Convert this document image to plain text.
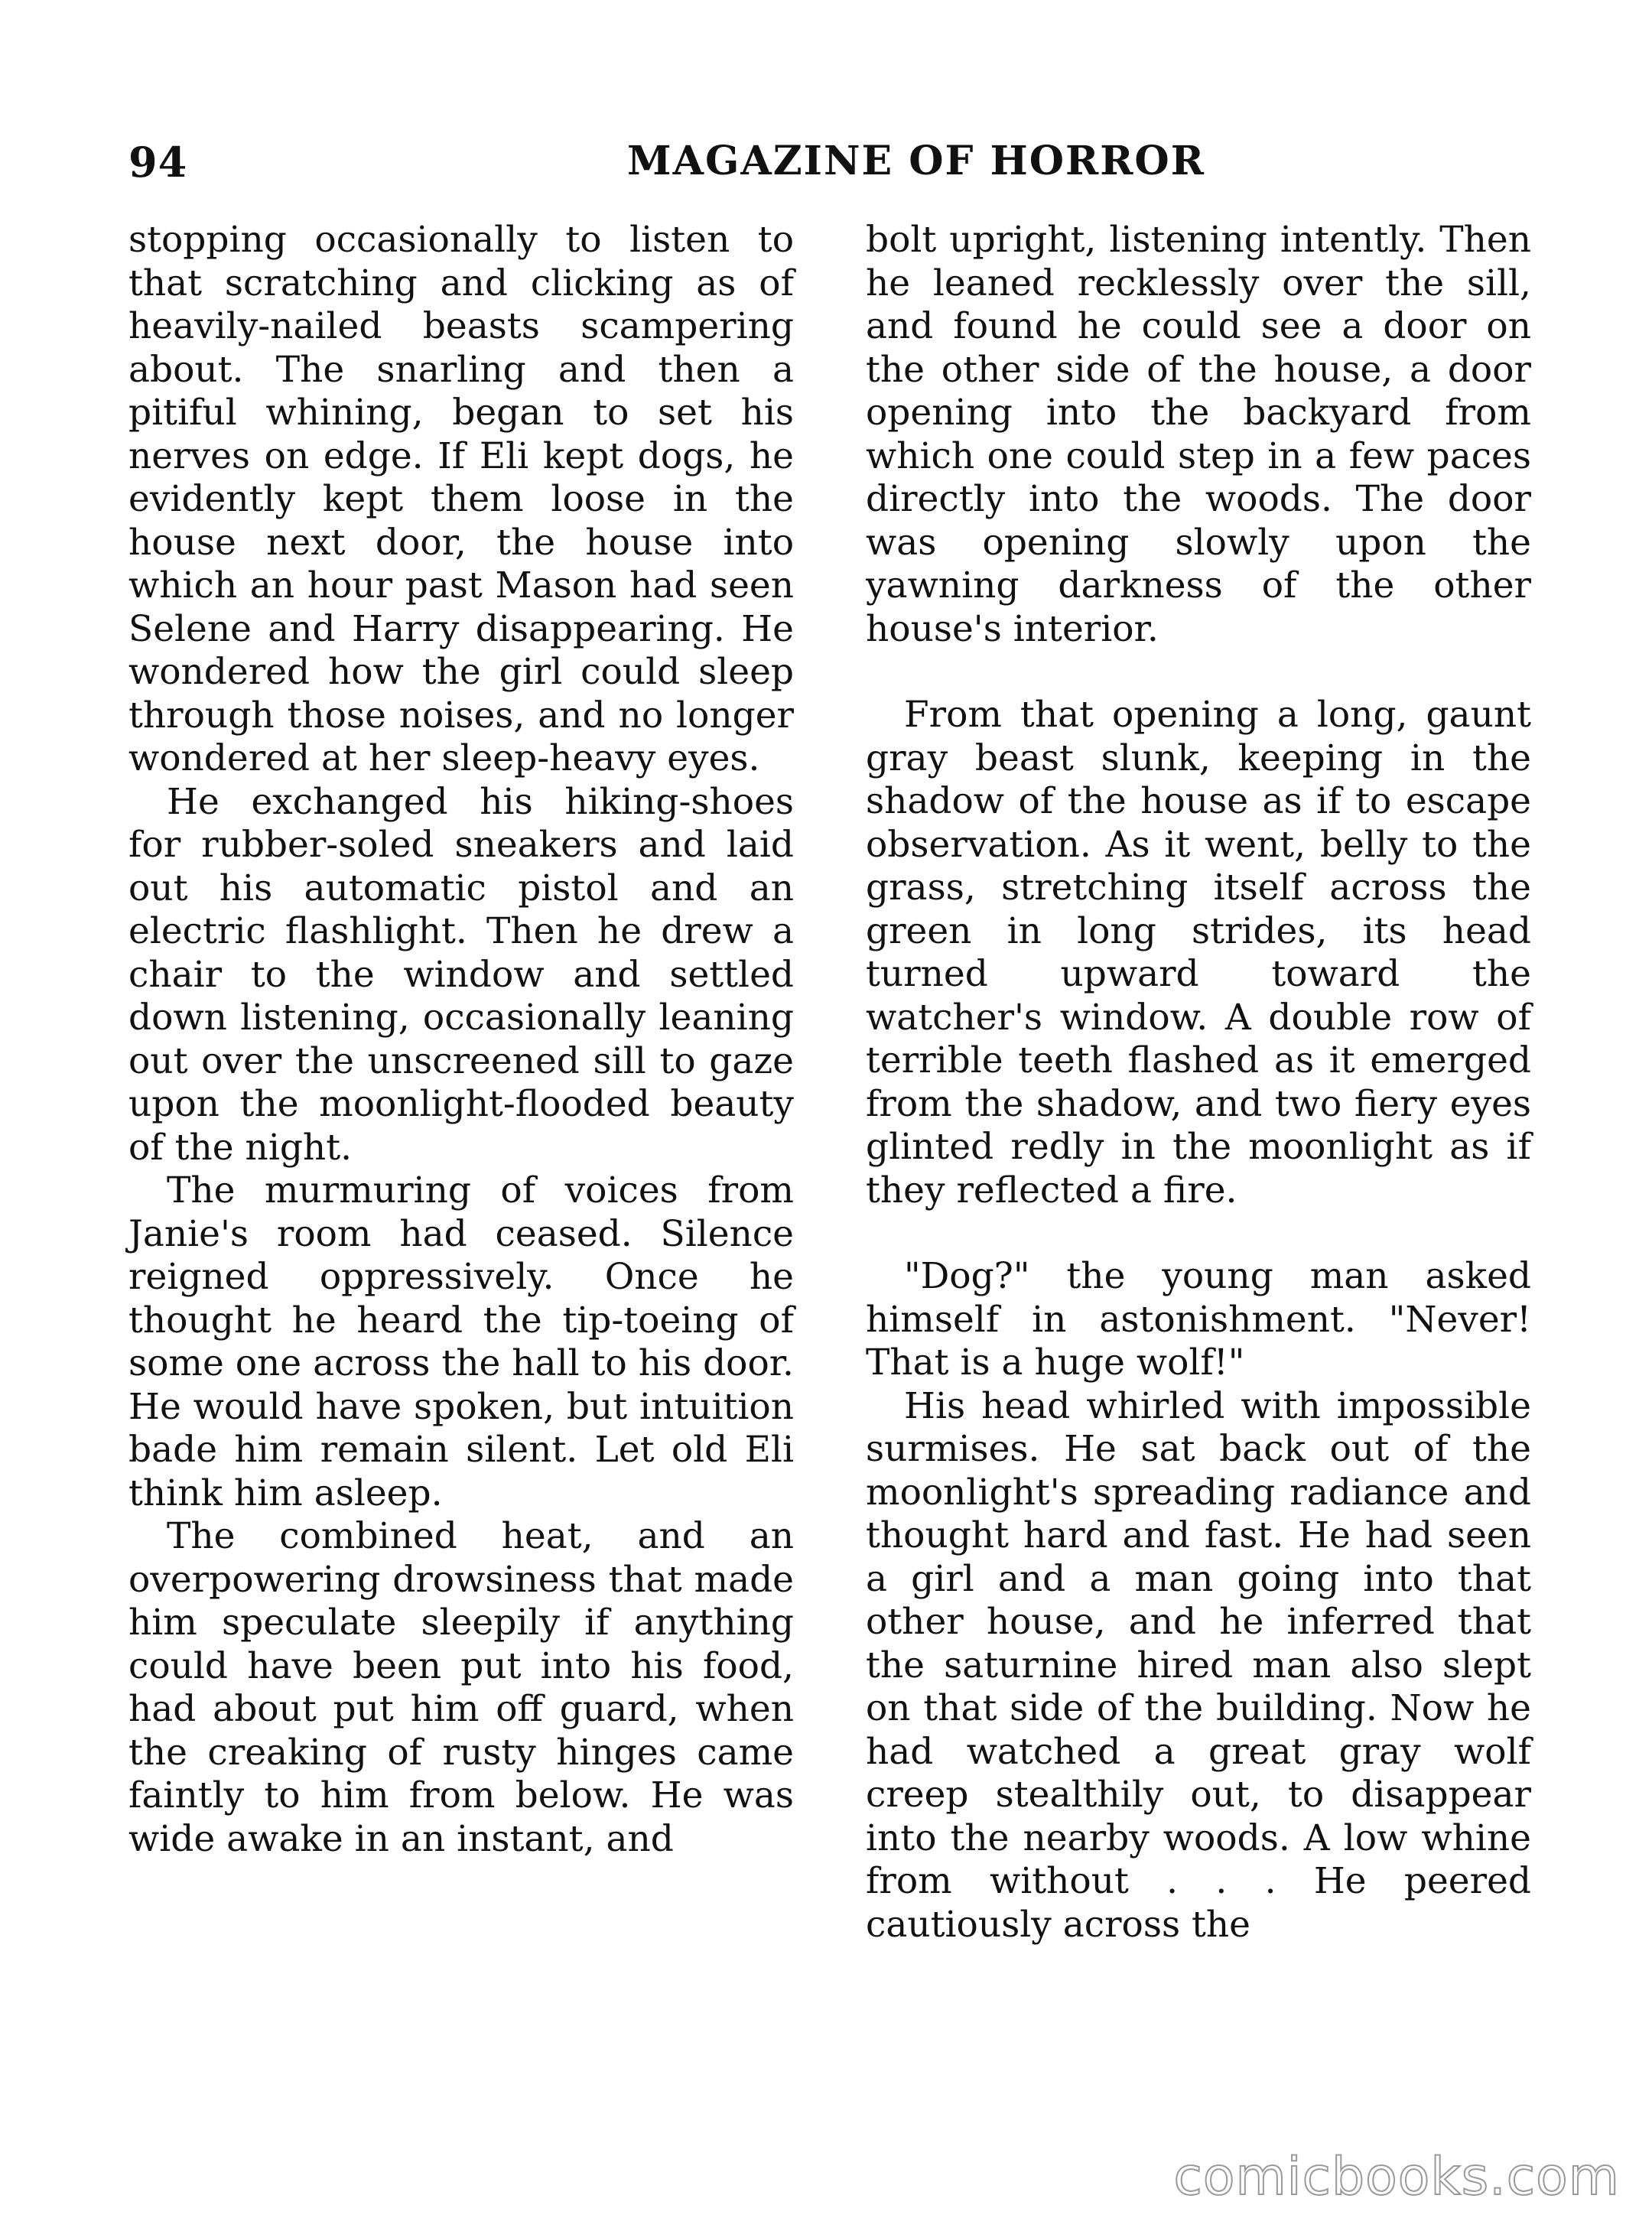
94	MAGAZINE OF HORROR

stopping occasionally to listen to that scratching and clicking as of heavily-nailed beasts scampering about. The snarling and then a pitiful whining, began to set his nerves on edge. If Eli kept dogs, he evidently kept them loose in the house next door, the house into which an hour past Mason had seen Selene and Harry disappearing. He wondered how the girl could sleep through those noises, and no longer wondered at her sleep-heavy eyes.

He exchanged his hiking-shoes for rubber-soled sneakers and laid out his automatic pistol and an electric flashlight. Then he drew a chair to the window and settled down listening, occasionally leaning out over the unscreened sill to gaze upon the moonlight-flooded beauty of the night.

The murmuring of voices from Janie's room had ceased. Silence reigned oppressively. Once he thought he heard the tip-toeing of some one across the hall to his door. He would have spoken, but intuition bade him remain silent. Let old Eli think him asleep.

The combined heat, and an overpowering drowsiness that made him speculate sleepily if anything could have been put into his food, had about put him off guard, when the creaking of rusty hinges came faintly to him from below. He was wide awake in an instant, and

bolt upright, listening intently. Then he leaned recklessly over the sill, and found he could see a door on the other side of the house, a door opening into the backyard from which one could step in a few paces directly into the woods. The door was opening slowly upon the yawning darkness of the other house's interior.

From that opening a long, gaunt gray beast slunk, keeping in the shadow of the house as if to escape observation. As it went, belly to the grass, stretching itself across the green in long strides, its head turned upward toward the watcher's window. A double row of terrible teeth flashed as it emerged from the shadow, and two fiery eyes glinted redly in the moonlight as if they reflected a fire.

"Dog?" the young man asked himself in astonishment. "Never! That is a huge wolf!"

His head whirled with impossible surmises. He sat back out of the moonlight's spreading radiance and thought hard and fast. He had seen a girl and a man going into that other house, and he inferred that the saturnine hired man also slept on that side of the building. Now he had watched a great gray wolf creep stealthily out, to disappear into the nearby woods. A low whine from without . . . He peered cautiously across the

comicbooks.com
